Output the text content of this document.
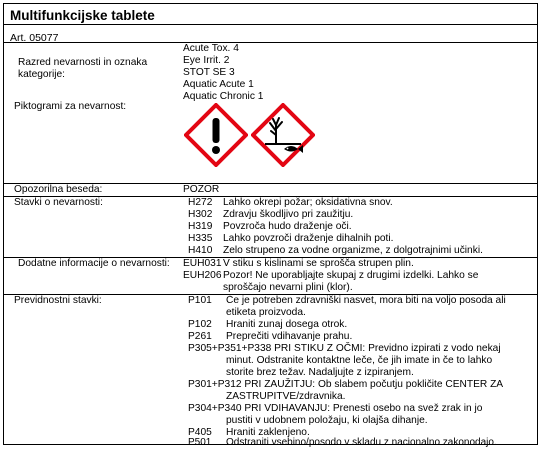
Multifunkcijske tablete
Art. 05077
Razred nevarnosti in oznaka kategorije:
Acute Tox. 4
Eye Irrit. 2
STOT SE 3
Aquatic Acute 1
Aquatic Chronic 1
Piktogrami za nevarnost:
Opozorilna beseda:	POZOR
Stavki o nevarnosti:	H272 Lahko okrepi požar; oksidativna snov.
H302 Zdravju škodljivo pri zaužitju.
H319 Povzroča hudo draženje oči.
H335 Lahko povzroči draženje dihalnih poti.
H410 Zelo strupeno za vodne organizme, z dolgotrajnimi učinki.
Dodatne informacije o nevarnosti: EUH031 V stiku s kislinami se sprošča strupen plin.
EUH206 Pozor! Ne uporabljajte skupaj z drugimi izdelki. Lahko se sproščajo nevarni plini (klor).
Previdnostni stavki:	P101 Če je potreben zdravniški nasvet, mora biti na voljo posoda ali etiketa proizvoda.
P102 Hraniti zunaj dosega otrok.
P261 Preprečiti vdihavanje prahu.
P305+P351+P338 PRI STIKU Z OČMI: Previdno izpirati z vodo nekaj minut. Odstranite kontaktne leče, če jih imate in če to lahko storite brez težav. Nadaljujte z izpiranjem.
P301+P312 PRI ZAUŽITJU: Ob slabem počutju pokličite CENTER ZA ZASTRUPITVE/zdravnika.
P304+P340 PRI VDIHAVANJU: Prenesti osebo na svež zrak in jo pustiti v udobnem položaju, ki olajša dihanje.
P405 Hraniti zaklenjeno.
P501 Odstraniti vsebino/posodo v skladu z nacionalno zakonodajo.
